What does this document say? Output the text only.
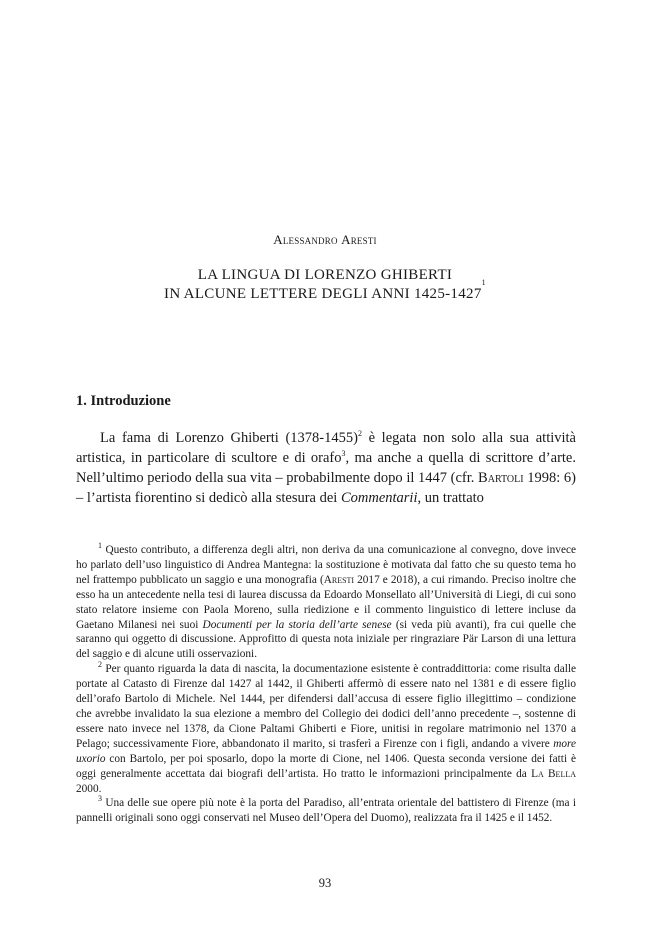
Alessandro Aresti
LA LINGUA DI LORENZO GHIBERTI
IN ALCUNE LETTERE DEGLI ANNI 1425-1427$^1$
1. Introduzione

La fama di Lorenzo Ghiberti (1378-1455)$^2$ è legata non solo alla sua attività artistica, in particolare di scultore e di orafo$^3$, ma anche a quella di scrittore d’arte. Nell’ultimo periodo della sua vita – probabilmente dopo il 1447 (cfr. Bartoli 1998: 6) – l’artista fiorentino si dedicò alla stesura dei Commentarii, un trattato

$^1$ Questo contributo, a differenza degli altri, non deriva da una comunicazione al convegno, dove invece ho parlato dell’uso linguistico di Andrea Mantegna: la sostituzione è motivata dal fatto che su questo tema ho nel frattempo pubblicato un saggio e una monografia (Aresti 2017 e 2018), a cui rimando. Preciso inoltre che esso ha un antecedente nella tesi di laurea discussa da Edoardo Monsellato all’Università di Liegi, di cui sono stato relatore insieme con Paola Moreno, sulla riedizione e il commento linguistico di lettere incluse da Gaetano Milanesi nei suoi Documenti per la storia dell’arte senese (si veda più avanti), fra cui quelle che saranno qui oggetto di discussione. Approfitto di questa nota iniziale per ringraziare Pär Larson di una lettura del saggio e di alcune utili osservazioni.

$^2$ Per quanto riguarda la data di nascita, la documentazione esistente è contraddittoria: come risulta dalle portate al Catasto di Firenze dal 1427 al 1442, il Ghiberti affermò di essere nato nel 1381 e di essere figlio dell’orafo Bartolo di Michele. Nel 1444, per difendersi dall’accusa di essere figlio illegittimo – condizione che avrebbe invalidato la sua elezione a membro del Collegio dei dodici dell’anno precedente –, sostenne di essere nato invece nel 1378, da Cione Paltami Ghiberti e Fiore, unitisi in regolare matrimonio nel 1370 a Pelago; successivamente Fiore, abbandonato il marito, si trasferì a Firenze con i figli, andando a vivere more uxorio con Bartolo, per poi sposarlo, dopo la morte di Cione, nel 1406. Questa seconda versione dei fatti è oggi generalmente accettata dai biografi dell’artista. Ho tratto le informazioni principalmente da La Bella 2000.

$^3$ Una delle sue opere più note è la porta del Paradiso, all’entrata orientale del battistero di Firenze (ma i pannelli originali sono oggi conservati nel Museo dell’Opera del Duomo), realizzata fra il 1425 e il 1452.

93
